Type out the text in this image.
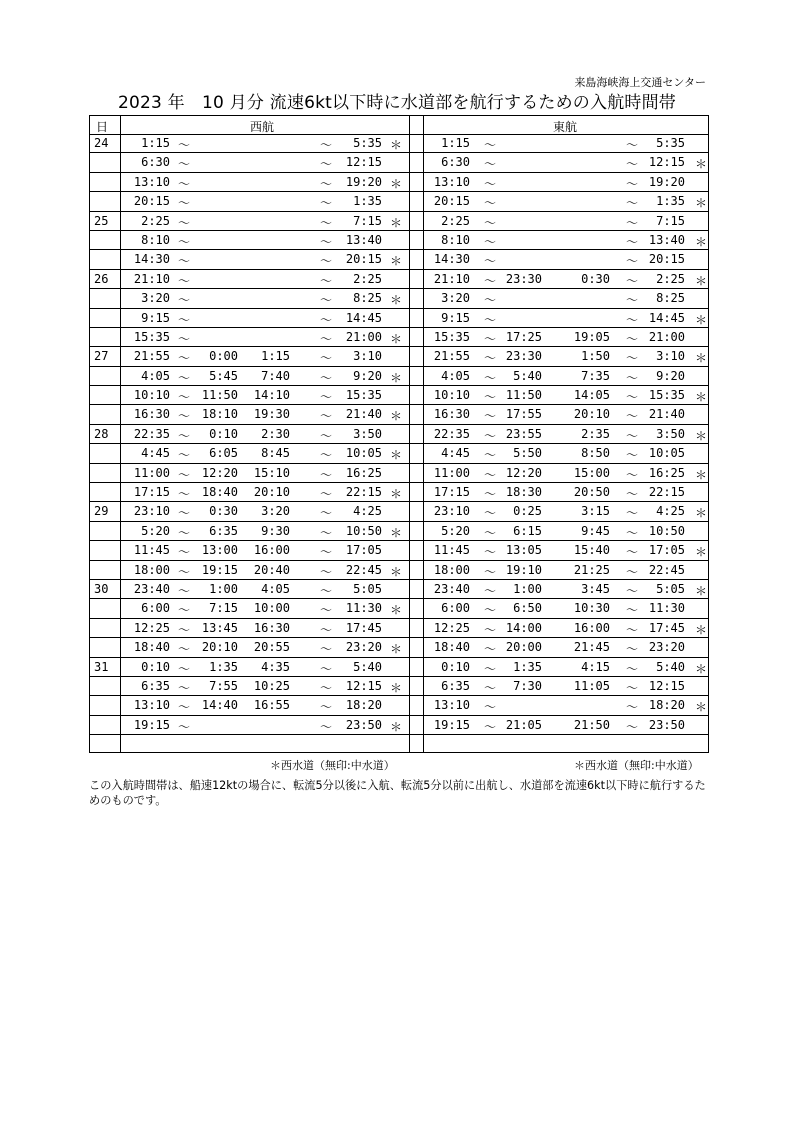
来島海峡海上交通センター
2023 年　10 月分 流速6kt以下時に水道部を航行するための入航時間帯
日	西航	東航
24	1:15 ～	～	5:35 ＊	1:15 ～	～	5:35
6:30 ～	～	12:15	6:30 ～	～ 12:15 ＊
13:10 ～	～	19:20 ＊	13:10 ～	～ 19:20
20:15 ～	～	1:35	20:15 ～	～	1:35 ＊
25	2:25 ～	～	7:15 ＊	2:25 ～	～	7:15
8:10 ～	～	13:40	8:10 ～	～ 13:40 ＊
14:30 ～	～	20:15 ＊	14:30 ～	～ 20:15
26	21:10 ～	～	2:25	21:10 ～ 23:30	0:30 ～	2:25 ＊
3:20 ～	～	8:25 ＊	3:20 ～	～	8:25
9:15 ～	～	14:45	9:15 ～	～ 14:45 ＊
15:35 ～	～	21:00 ＊	15:35 ～ 17:25	19:05 ～ 21:00
27	21:55 ～	0:00	1:15	～	3:10	21:55 ～ 23:30	1:50 ～	3:10 ＊
4:05 ～	5:45	7:40	～	9:20 ＊	4:05 ～	5:40	7:35 ～	9:20
10:10 ～ 11:50	14:10	～	15:35	10:10 ～ 11:50	14:05 ～ 15:35 ＊
16:30 ～ 18:10	19:30	～	21:40 ＊	16:30 ～ 17:55	20:10 ～ 21:40
28	22:35 ～	0:10	2:30	～	3:50	22:35 ～ 23:55	2:35 ～	3:50 ＊
4:45 ～	6:05	8:45	～	10:05 ＊	4:45 ～	5:50	8:50 ～ 10:05
11:00 ～ 12:20	15:10	～	16:25	11:00 ～ 12:20	15:00 ～ 16:25 ＊
17:15 ～ 18:40	20:10	～	22:15 ＊	17:15 ～ 18:30	20:50 ～ 22:15
29	23:10 ～	0:30	3:20	～	4:25	23:10 ～	0:25	3:15 ～	4:25 ＊
5:20 ～	6:35	9:30	～	10:50 ＊	5:20 ～	6:15	9:45 ～ 10:50
11:45 ～ 13:00	16:00	～	17:05	11:45 ～ 13:05	15:40 ～ 17:05 ＊
18:00 ～ 19:15	20:40	～	22:45 ＊	18:00 ～ 19:10	21:25 ～ 22:45
30	23:40 ～	1:00	4:05	～	5:05	23:40 ～	1:00	3:45 ～	5:05 ＊
6:00 ～	7:15	10:00	～	11:30 ＊	6:00 ～	6:50	10:30 ～ 11:30
12:25 ～ 13:45	16:30	～	17:45	12:25 ～ 14:00	16:00 ～ 17:45 ＊
18:40 ～ 20:10	20:55	～	23:20 ＊	18:40 ～ 20:00	21:45 ～ 23:20
31	0:10 ～	1:35	4:35	～	5:40	0:10 ～	1:35	4:15 ～	5:40 ＊
6:35 ～	7:55	10:25	～	12:15 ＊	6:35 ～	7:30	11:05 ～ 12:15
13:10 ～ 14:40	16:55	～	18:20	13:10 ～	～ 18:20 ＊
19:15 ～	～	23:50 ＊	19:15 ～ 21:05	21:50 ～ 23:50
＊西水道（無印:中水道）	＊西水道（無印:中水道）
この入航時間帯は、船速12ktの場合に、転流5分以後に入航、転流5分以前に出航し、水道部を流速6kt以下時に航行するためのものです。
